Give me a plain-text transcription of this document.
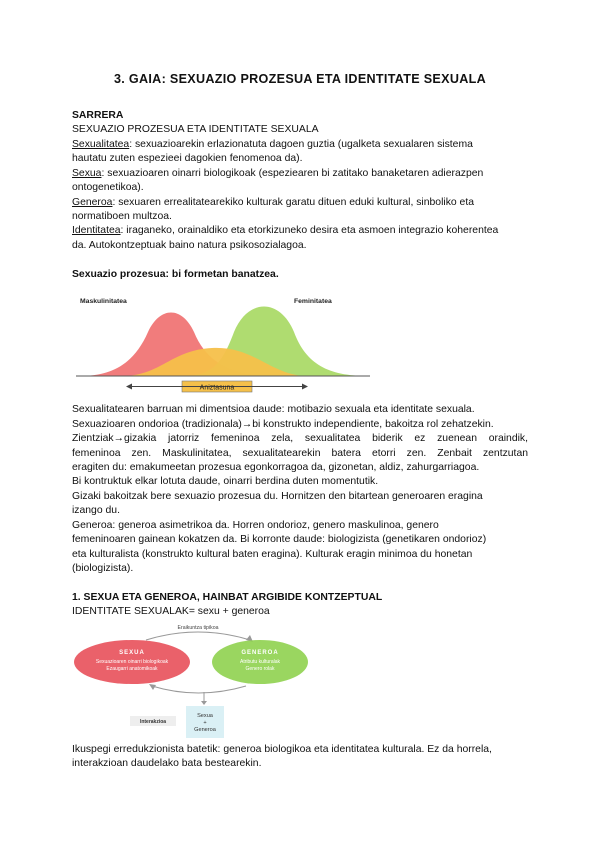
3. GAIA: SEXUAZIO PROZESUA ETA IDENTITATE SEXUALA
SARRERA
SEXUAZIO PROZESUA ETA IDENTITATE SEXUALA
Sexualitatea: sexuazioarekin erlazionatuta dagoen guztia (ugalketa sexualaren sistema
hautatu zuten espezieei dagokien fenomenoa da).
Sexua: sexuazioaren oinarri biologikoak (espeziearen bi zatitako banaketaren adierazpen
ontogenetikoa).
Generoa: sexuaren errealitatearekiko kulturak garatu dituen eduki kultural, sinboliko eta
normatiboen multzoa.
Identitatea: iraganeko, orainaldiko eta etorkizuneko desira eta asmoen integrazio koherentea
da. Autokontzeptuak baino natura psikosozialagoa.
Sexuazio prozesua: bi formetan banatzea.
Maskulinitatea	Feminitatea
Aniztasuna
Sexualitatearen barruan mi dimentsioa daude: motibazio sexuala eta identitate sexuala.
Sexuazioaren ondorioa (tradizionala)→bi konstrukto independiente, bakoitza rol zehatzekin.
Zientziak→gizakia jatorriz femeninoa zela, sexualitatea biderik ez zuenean oraindik,
femeninoa zen. Maskulinitatea, sexualitatearekin batera etorri zen. Zenbait zentzutan
eragiten du: emakumeetan prozesua egonkorragoa da, gizonetan, aldiz, zahurgarriagoa.
Bi kontruktuk elkar lotuta daude, oinarri berdina duten momentutik.
Gizaki bakoitzak bere sexuazio prozesua du. Hornitzen den bitartean generoaren eragina
izango du.
Generoa: generoa asimetrikoa da. Horren ondorioz, genero maskulinoa, genero
femeninoaren gainean kokatzen da. Bi korronte daude: biologizista (genetikaren ondorioz)
eta kulturalista (konstrukto kultural baten eragina). Kulturak eragin minimoa du honetan
(biologizista).
1. SEXUA ETA GENEROA, HAINBAT ARGIBIDE KONTZEPTUAL
IDENTITATE SEXUALAK= sexu + generoa
Eraikuntza tipikoa
SEXUA
Sexuazioaren oinarri biologikoak
Ezaugarri anatomikoak
GENEROA
Atributu kulturalak
Genero rolak
Interakzioa
Sexua
+
Generoa
Ikuspegi erredukzionista batetik: generoa biologikoa eta identitatea kulturala. Ez da horrela,
interakzioan daudelako bata bestearekin.
